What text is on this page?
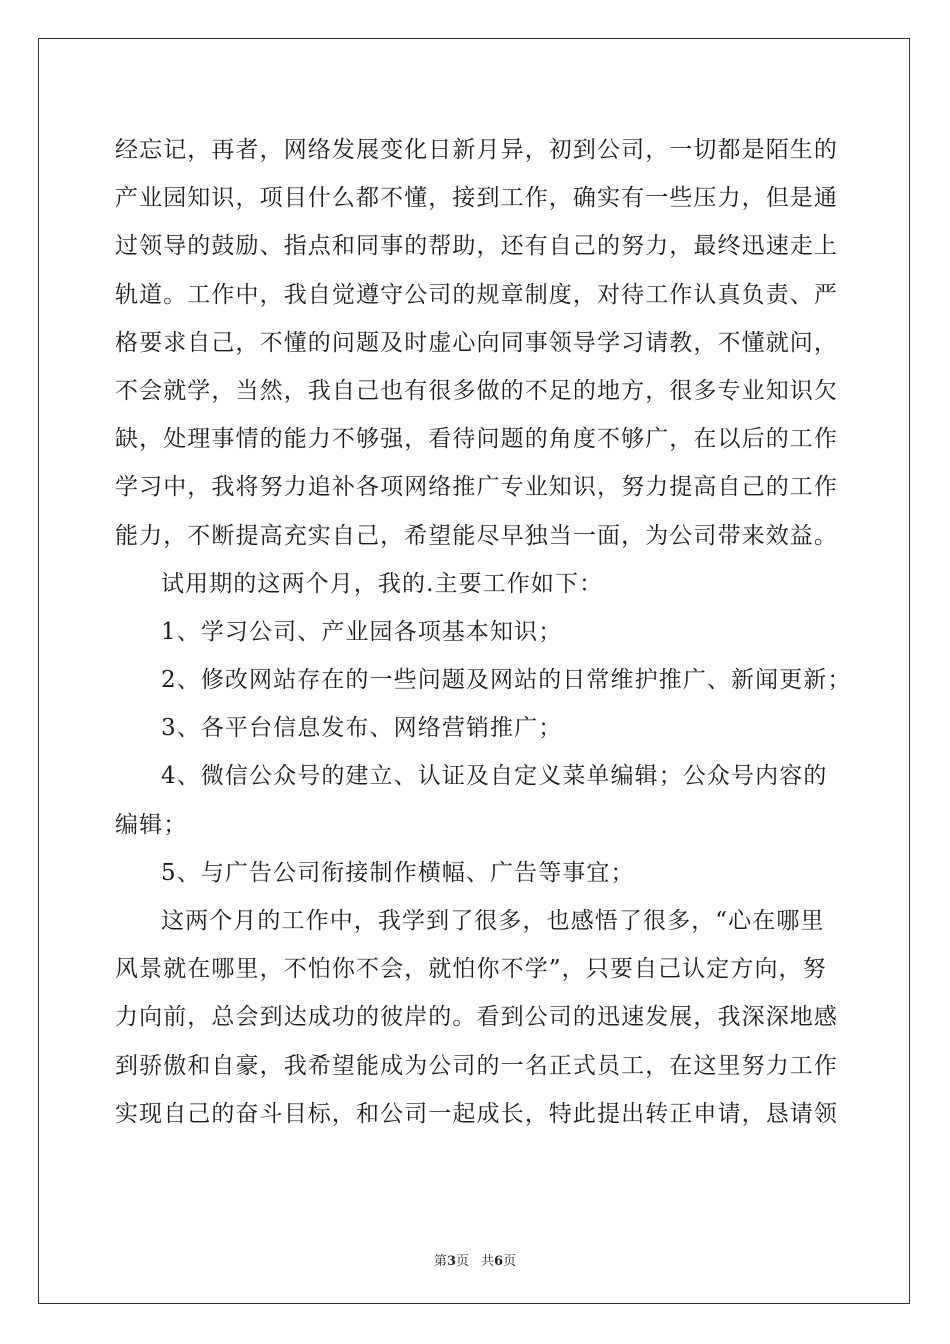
经忘记，再者，网络发展变化日新月异，初到公司，一切都是陌生的
产业园知识，项目什么都不懂，接到工作，确实有一些压力，但是通
过领导的鼓励、指点和同事的帮助，还有自己的努力，最终迅速走上
轨道。工作中，我自觉遵守公司的规章制度，对待工作认真负责、严
格要求自己，不懂的问题及时虚心向同事领导学习请教，不懂就问，
不会就学，当然，我自己也有很多做的不足的地方，很多专业知识欠
缺，处理事情的能力不够强，看待问题的角度不够广，在以后的工作
学习中，我将努力追补各项网络推广专业知识，努力提高自己的工作
能力，不断提高充实自己，希望能尽早独当一面，为公司带来效益。
试用期的这两个月，我的.主要工作如下：
1、学习公司、产业园各项基本知识；
2、修改网站存在的一些问题及网站的日常维护推广、新闻更新；
3、各平台信息发布、网络营销推广；
4、微信公众号的建立、认证及自定义菜单编辑；公众号内容的
编辑；
5、与广告公司衔接制作横幅、广告等事宜；
这两个月的工作中，我学到了很多，也感悟了很多，“心在哪里
风景就在哪里，不怕你不会，就怕你不学”，只要自己认定方向，努
力向前，总会到达成功的彼岸的。看到公司的迅速发展，我深深地感
到骄傲和自豪，我希望能成为公司的一名正式员工，在这里努力工作
实现自己的奋斗目标，和公司一起成长，特此提出转正申请，恳请领
第3页 共6页
